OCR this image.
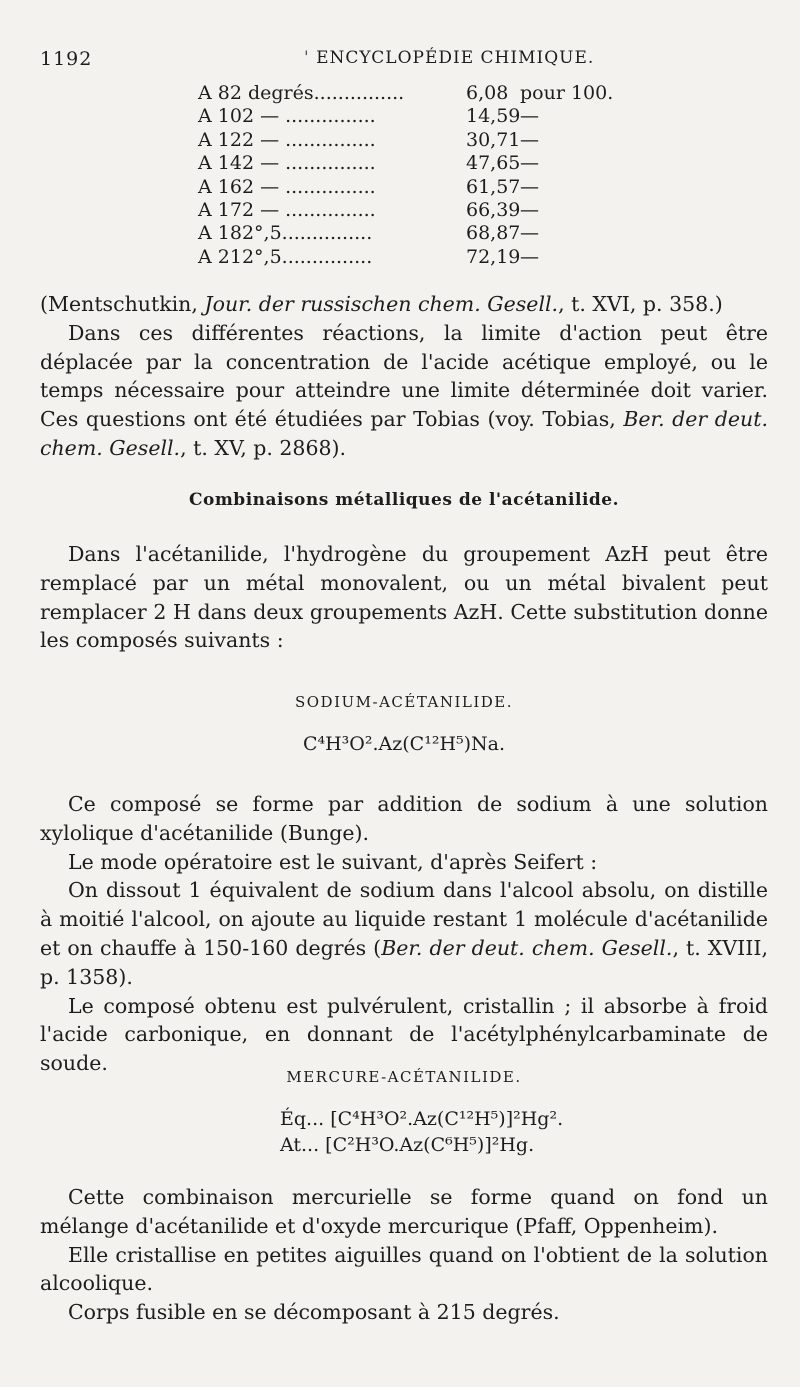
1192
'	ENCYCLOPÉDIE CHIMIQUE.
A 82 degrés...............	6,08 pour 100.
A 102 — ...............	14,59 —
A 122 — ...............	30,71 —
A 142 — ...............	47,65 —
A 162 — ...............	61,57 —
A 172 — ...............	66,39 —
A 182°,5...............	68,87 —
A 212°,5...............	72,19 —

(Mentschutkin, Jour. der russischen chem. Gesell., t. XVI, p. 358.)

Dans ces différentes réactions, la limite d'action peut être déplacée par la concentration de l'acide acétique employé, ou le temps nécessaire pour atteindre une limite déterminée doit varier. Ces questions ont été étudiées par Tobias (voy. Tobias, Ber. der deut. chem. Gesell., t. XV, p. 2868).

Combinaisons métalliques de l'acétanilide.

Dans l'acétanilide, l'hydrogène du groupement AzH peut être remplacé par un métal monovalent, ou un métal bivalent peut remplacer 2 H dans deux groupements AzH. Cette substitution donne les composés suivants :

SODIUM-ACÉTANILIDE.
C⁴H³O².Az(C¹²H⁵)Na.

Ce composé se forme par addition de sodium à une solution xylolique d'acétanilide (Bunge).

Le mode opératoire est le suivant, d'après Seifert :

On dissout 1 équivalent de sodium dans l'alcool absolu, on distille à moitié l'alcool, on ajoute au liquide restant 1 molécule d'acétanilide et on chauffe à 150-160 degrés (Ber. der deut. chem. Gesell., t. XVIII, p. 1358).

Le composé obtenu est pulvérulent, cristallin ; il absorbe à froid l'acide carbonique, en donnant de l'acétylphénylcarbaminate de soude.

MERCURE-ACÉTANILIDE.
Éq... [C⁴H³O².Az(C¹²H⁵)]²Hg².
At... [C²H³O.Az(C⁶H⁵)]²Hg.

Cette combinaison mercurielle se forme quand on fond un mélange d'acétanilide et d'oxyde mercurique (Pfaff, Oppenheim).

Elle cristallise en petites aiguilles quand on l'obtient de la solution alcoolique.

Corps fusible en se décomposant à 215 degrés.
